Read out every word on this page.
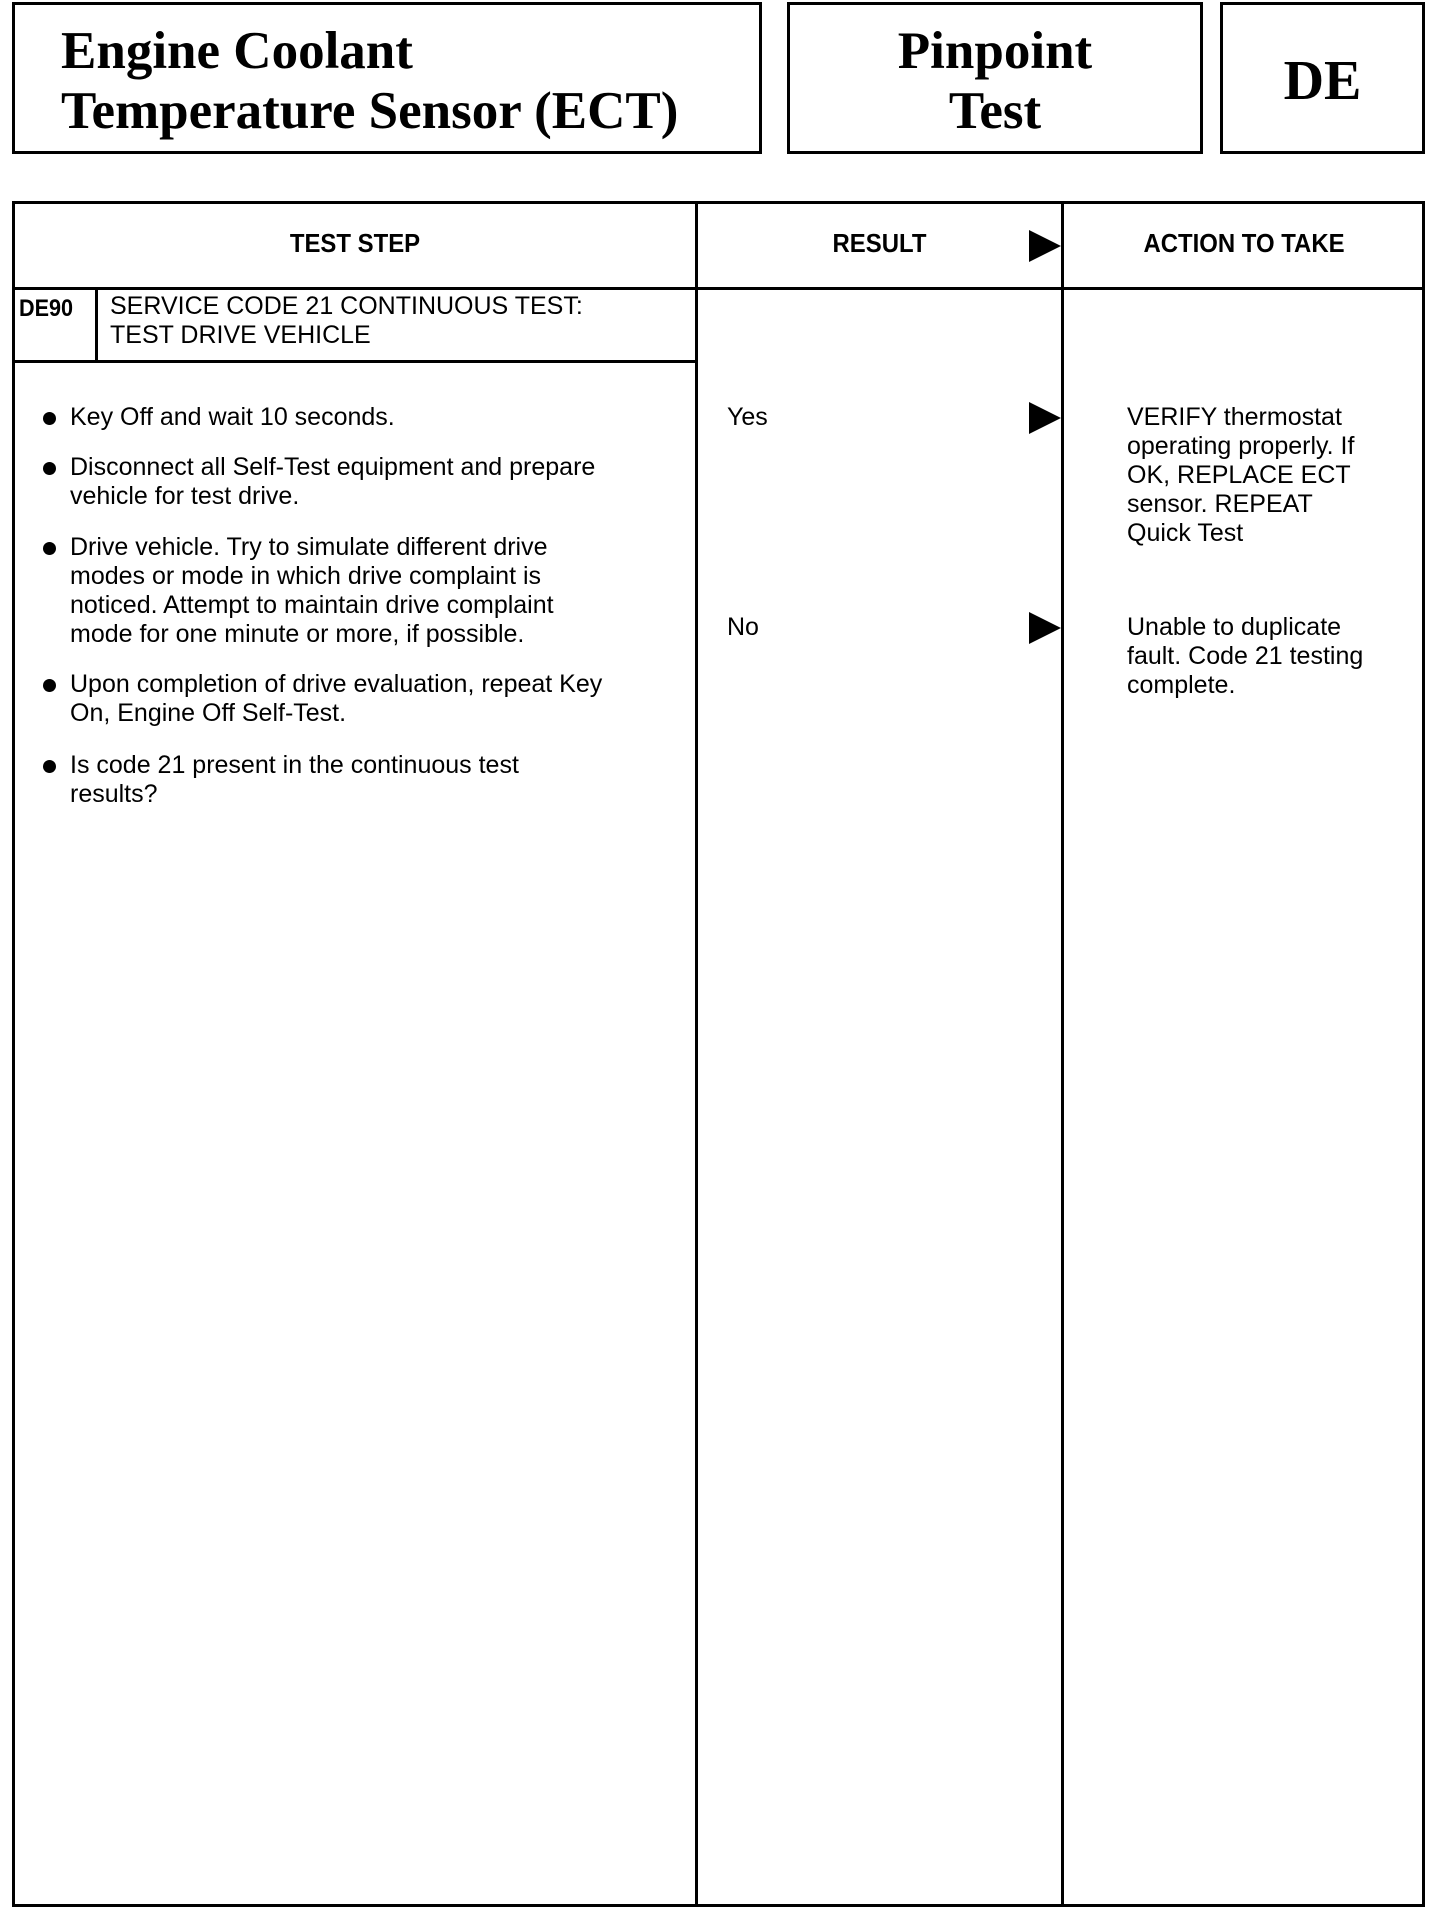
Engine Coolant
Temperature Sensor (ECT)
Pinpoint
Test	DE
TEST STEP	RESULT	ACTION TO TAKE
DE90 SERVICE CODE 21 CONTINUOUS TEST:
TEST DRIVE VEHICLE
Key Off and wait 10 seconds.
Disconnect all Self-Test equipment and prepare
vehicle for test drive.
Drive vehicle. Try to simulate different drive
modes or mode in which drive complaint is
noticed. Attempt to maintain drive complaint
mode for one minute or more, if possible.
Upon completion of drive evaluation, repeat Key
On, Engine Off Self-Test.
Is code 21 present in the continuous test
results?
Yes	VERIFY thermostat
operating properly. If
OK, REPLACE ECT
sensor. REPEAT
Quick Test
No	Unable to duplicate
fault. Code 21 testing
complete.
